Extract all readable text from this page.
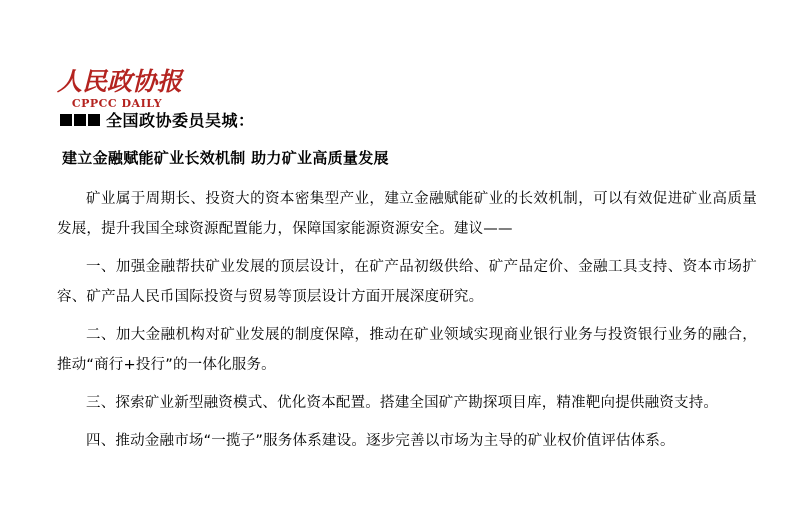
人民政协报
CPPCC DAILY
全国政协委员吴城：
建立金融赋能矿业长效机制 助力矿业高质量发展

矿业属于周期长、投资大的资本密集型产业，建立金融赋能矿业的长效机制，可以有效促进矿业高质量发展，提升我国全球资源配置能力，保障国家能源资源安全。建议——

一、加强金融帮扶矿业发展的顶层设计，在矿产品初级供给、矿产品定价、金融工具支持、资本市场扩容、矿产品人民币国际投资与贸易等顶层设计方面开展深度研究。

二、加大金融机构对矿业发展的制度保障，推动在矿业领域实现商业银行业务与投资银行业务的融合，推动“商行+投行”的一体化服务。

三、探索矿业新型融资模式、优化资本配置。搭建全国矿产勘探项目库，精准靶向提供融资支持。

四、推动金融市场“一揽子”服务体系建设。逐步完善以市场为主导的矿业权价值评估体系。
